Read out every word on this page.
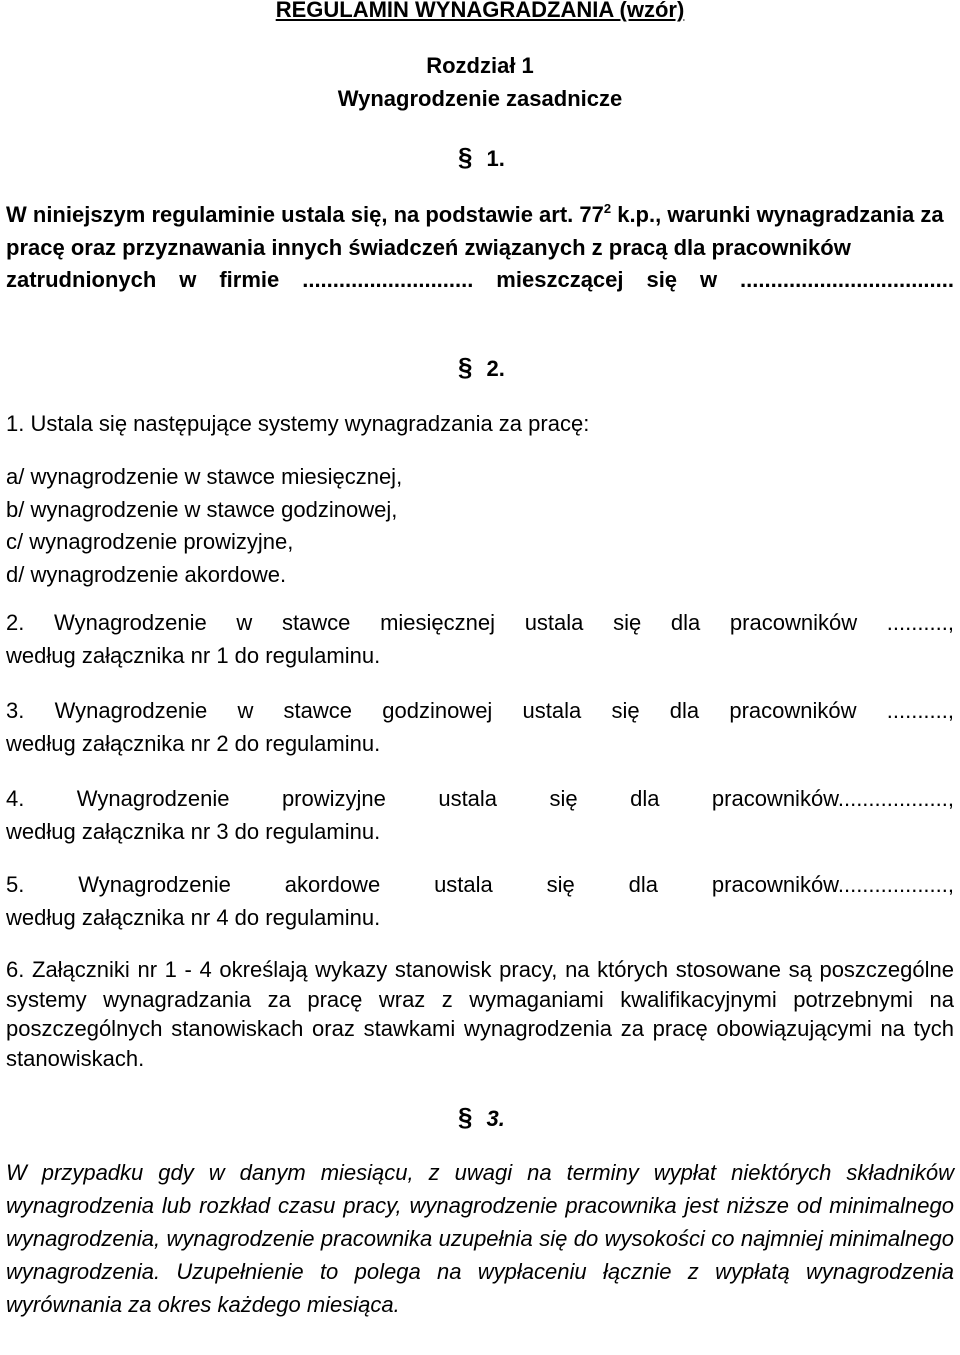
REGULAMIN WYNAGRADZANIA (wzór)
Rozdział 1
Wynagrodzenie zasadnicze
§ 1.

W niniejszym regulaminie ustala się, na podstawie art. $77^2$ k.p., warunki wynagradzania za pracę oraz przyznawania innych świadczeń związanych z pracą dla pracowników zatrudnionych w firmie ............................ mieszczącej się w ...................................

§ 2.
1. Ustala się następujące systemy wynagradzania za pracę:
a/ wynagrodzenie w stawce miesięcznej,
b/ wynagrodzenie w stawce godzinowej,
c/ wynagrodzenie prowizyjne,
d/ wynagrodzenie akordowe.
2. Wynagrodzenie w stawce miesięcznej ustala się dla pracowników ..........,
według załącznika nr 1 do regulaminu.
3. Wynagrodzenie w stawce godzinowej ustala się dla pracowników ..........,
według załącznika nr 2 do regulaminu.
4. Wynagrodzenie prowizyjne ustala się dla pracowników..................,
według załącznika nr 3 do regulaminu.
5. Wynagrodzenie akordowe ustala się dla pracowników..................,
według załącznika nr 4 do regulaminu.
6. Załączniki nr 1 - 4 określają wykazy stanowisk pracy, na których stosowane są poszczególne systemy wynagradzania za pracę wraz z wymaganiami kwalifikacyjnymi potrzebnymi na poszczególnych stanowiskach oraz stawkami wynagrodzenia za pracę obowiązującymi na tych stanowiskach.
§ 3.
W przypadku gdy w danym miesiącu, z uwagi na terminy wypłat niektórych składników wynagrodzenia lub rozkład czasu pracy, wynagrodzenie pracownika jest niższe od minimalnego wynagrodzenia, wynagrodzenie pracownika uzupełnia się do wysokości co najmniej minimalnego wynagrodzenia. Uzupełnienie to polega na wypłaceniu łącznie z wypłatą wynagrodzenia wyrównania za okres każdego miesiąca.
